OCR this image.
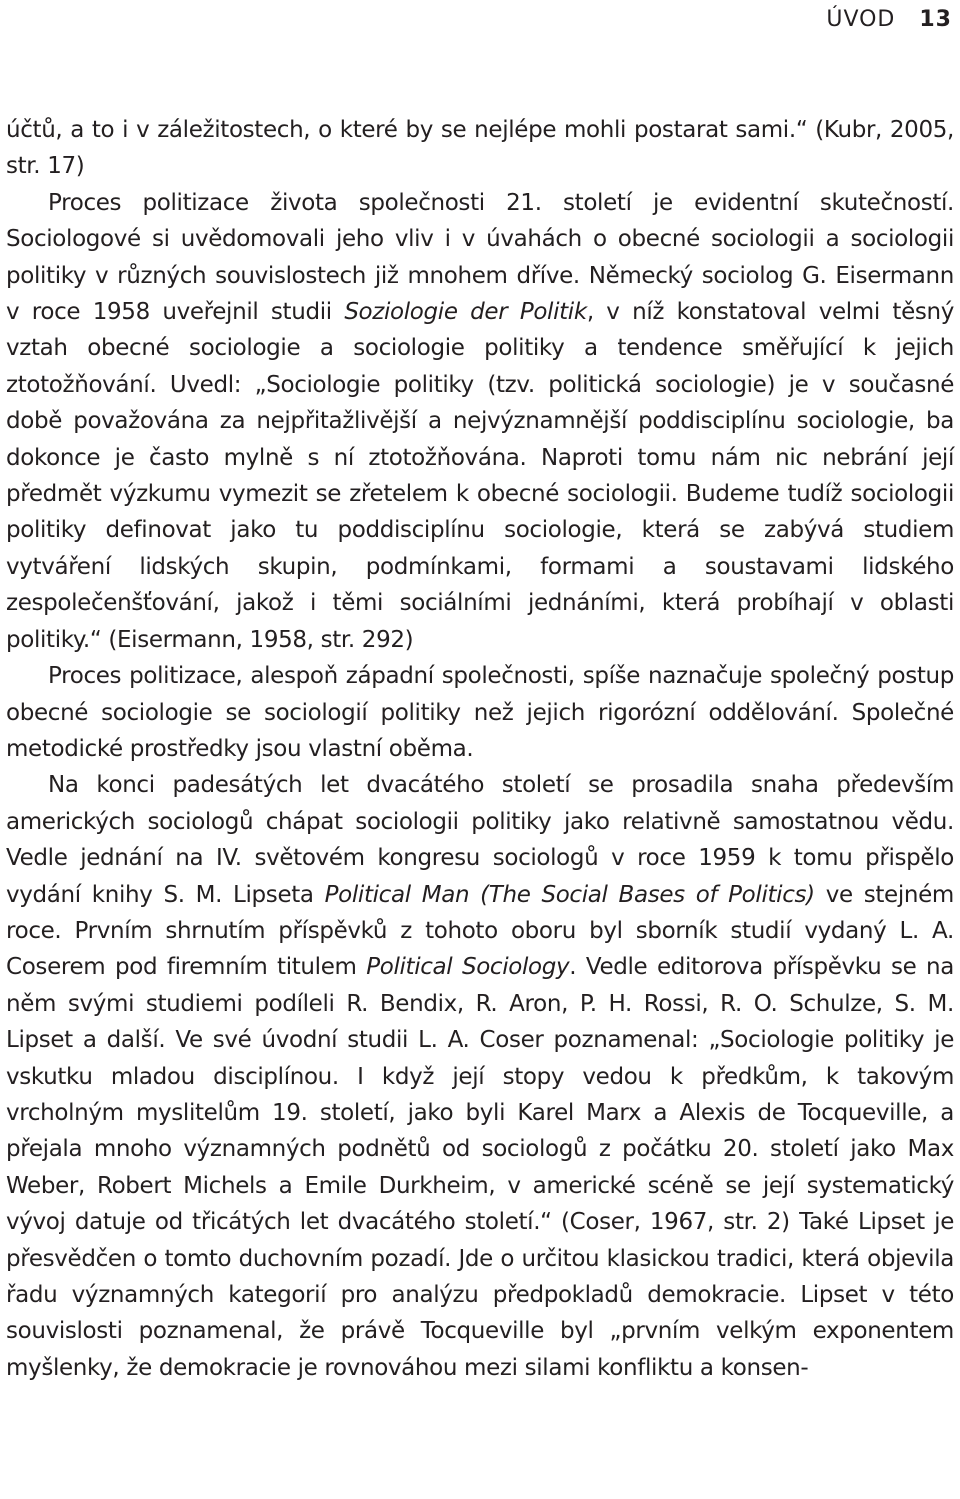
ÚVOD 13

účtů, a to i v záležitostech, o které by se nejlépe mohli postarat sami.“ (Kubr, 2005, str. 17)

Proces politizace života společnosti 21. století je evidentní skutečností. Sociologové si uvědomovali jeho vliv i v úvahách o obecné sociologii a sociologii politiky v různých souvislostech již mnohem dříve. Německý sociolog G. Eisermann v roce 1958 uveřejnil studii Soziologie der Politik, v níž konstatoval velmi těsný vztah obecné sociologie a sociologie politiky a tendence směřující k jejich ztotožňování. Uvedl: „Sociologie politiky (tzv. politická sociologie) je v současné době považována za nejpřitažlivější a nejvýznamnější poddisciplínu sociologie, ba dokonce je často mylně s ní ztotožňována. Naproti tomu nám nic nebrání její předmět výzkumu vymezit se zřetelem k obecné sociologii. Budeme tudíž sociologii politiky definovat jako tu poddisciplínu sociologie, která se zabývá studiem vytváření lidských skupin, podmínkami, formami a soustavami lidského zespolečenšťování, jakož i těmi sociálními jednáními, která probíhají v oblasti politiky.“ (Eisermann, 1958, str. 292)

Proces politizace, alespoň západní společnosti, spíše naznačuje společný postup obecné sociologie se sociologií politiky než jejich rigorózní oddělování. Společné metodické prostředky jsou vlastní oběma.

Na konci padesátých let dvacátého století se prosadila snaha především amerických sociologů chápat sociologii politiky jako relativně samostatnou vědu. Vedle jednání na IV. světovém kongresu sociologů v roce 1959 k tomu přispělo vydání knihy S. M. Lipseta Political Man (The Social Bases of Politics) ve stejném roce. Prvním shrnutím příspěvků z tohoto oboru byl sborník studií vydaný L. A. Coserem pod firemním titulem Political Sociology. Vedle editorova příspěvku se na něm svými studiemi podíleli R. Bendix, R. Aron, P. H. Rossi, R. O. Schulze, S. M. Lipset a další. Ve své úvodní studii L. A. Coser poznamenal: „Sociologie politiky je vskutku mladou disciplínou. I když její stopy vedou k předkům, k takovým vrcholným myslitelům 19. století, jako byli Karel Marx a Alexis de Tocqueville, a přejala mnoho významných podnětů od sociologů z počátku 20. století jako Max Weber, Robert Michels a Emile Durkheim, v americké scéně se její systematický vývoj datuje od třicátých let dvacátého století.“ (Coser, 1967, str. 2) Také Lipset je přesvědčen o tomto duchovním pozadí. Jde o určitou klasickou tradici, která objevila řadu významných kategorií pro analýzu předpokladů demokracie. Lipset v této souvislosti poznamenal, že právě Tocqueville byl „prvním velkým exponentem myšlenky, že demokracie je rovnováhou mezi silami konfliktu a konsen-
